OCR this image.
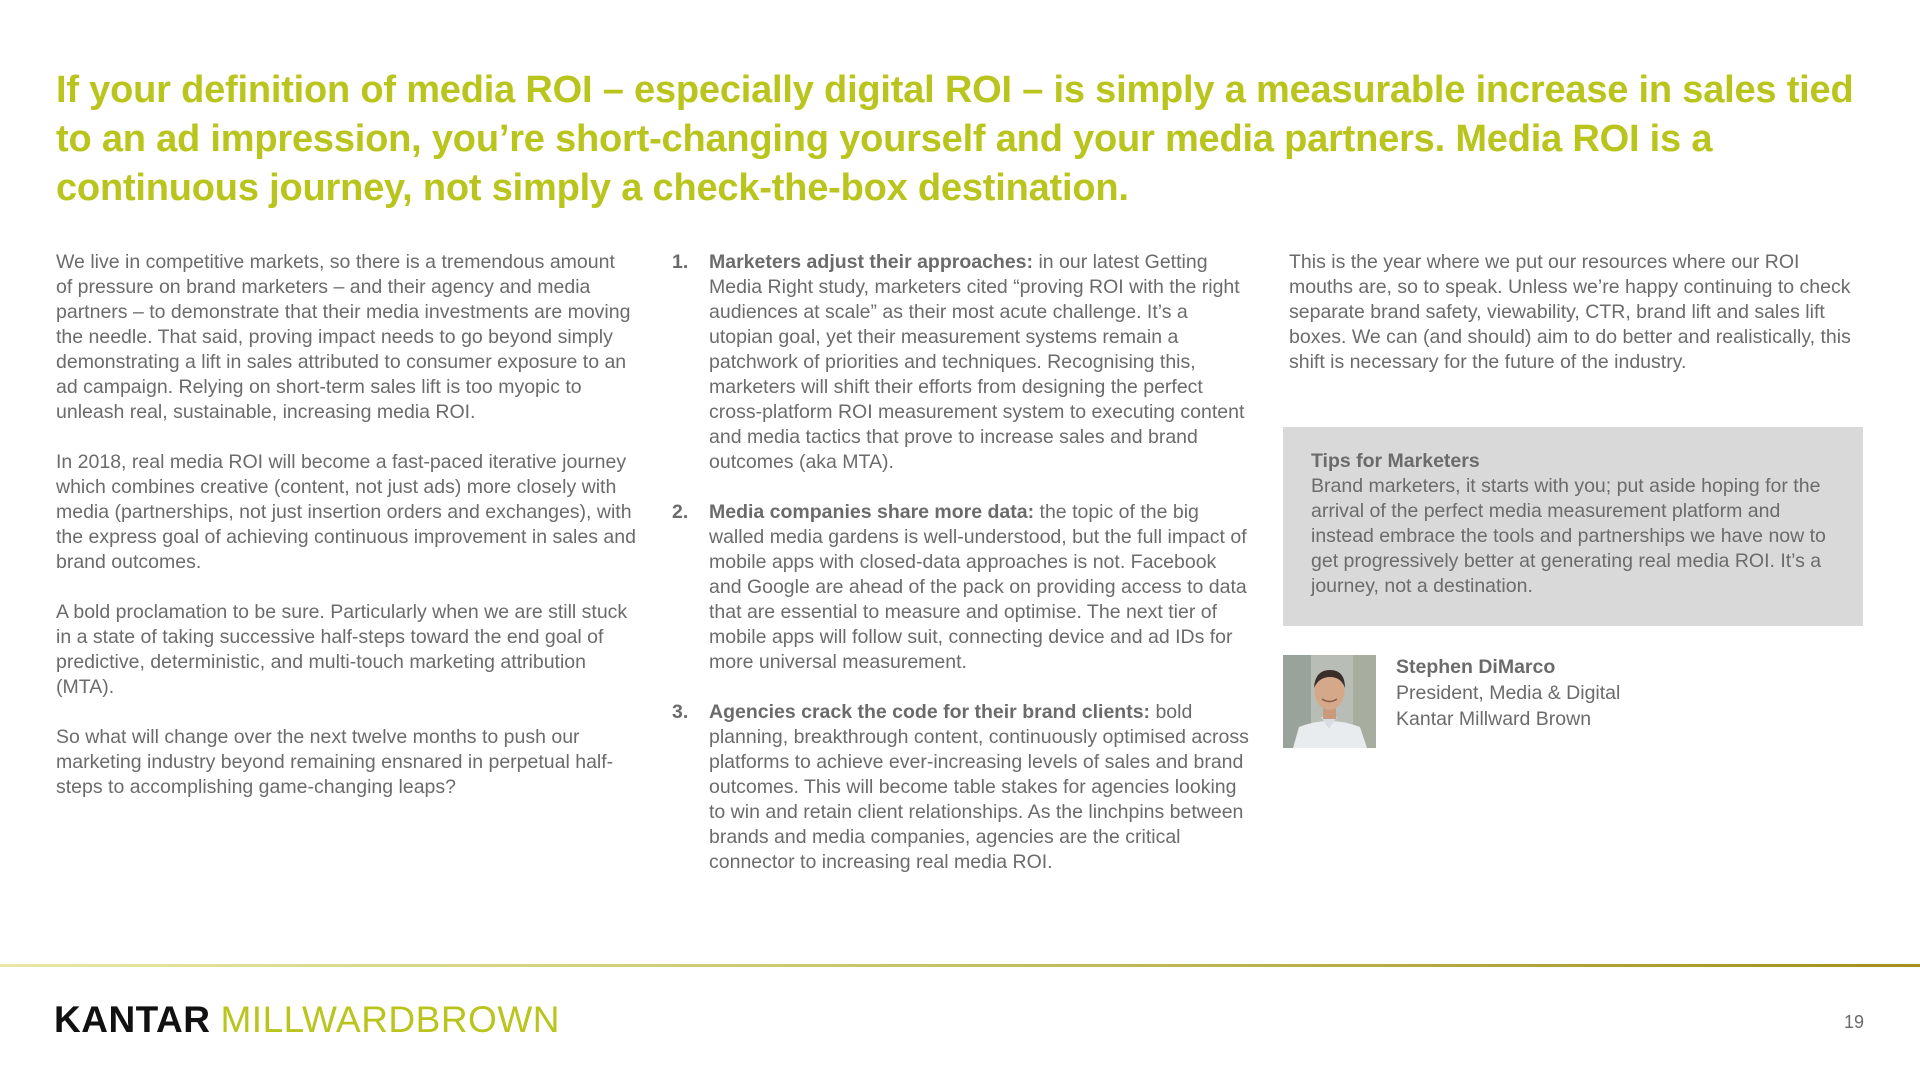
If your definition of media ROI – especially digital ROI – is simply a measurable increase in sales tied to an ad impression, you’re short-changing yourself and your media partners. Media ROI is a continuous journey, not simply a check-the-box destination.

We live in competitive markets, so there is a tremendous amount of pressure on brand marketers – and their agency and media partners – to demonstrate that their media investments are moving the needle. That said, proving impact needs to go beyond simply demonstrating a lift in sales attributed to consumer exposure to an ad campaign. Relying on short-term sales lift is too myopic to unleash real, sustainable, increasing media ROI.

In 2018, real media ROI will become a fast-paced iterative journey which combines creative (content, not just ads) more closely with media (partnerships, not just insertion orders and exchanges), with the express goal of achieving continuous improvement in sales and brand outcomes.

A bold proclamation to be sure. Particularly when we are still stuck in a state of taking successive half-steps toward the end goal of predictive, deterministic, and multi-touch marketing attribution (MTA).

So what will change over the next twelve months to push our marketing industry beyond remaining ensnared in perpetual half-steps to accomplishing game-changing leaps?

1. Marketers adjust their approaches: in our latest Getting Media Right study, marketers cited “proving ROI with the right audiences at scale” as their most acute challenge. It’s a utopian goal, yet their measurement systems remain a patchwork of priorities and techniques. Recognising this, marketers will shift their efforts from designing the perfect cross-platform ROI measurement system to executing content and media tactics that prove to increase sales and brand outcomes (aka MTA).
2. Media companies share more data: the topic of the big walled media gardens is well-understood, but the full impact of mobile apps with closed-data approaches is not. Facebook and Google are ahead of the pack on providing access to data that are essential to measure and optimise. The next tier of mobile apps will follow suit, connecting device and ad IDs for more universal measurement.
3. Agencies crack the code for their brand clients: bold planning, breakthrough content, continuously optimised across platforms to achieve ever-increasing levels of sales and brand outcomes. This will become table stakes for agencies looking to win and retain client relationships. As the linchpins between brands and media companies, agencies are the critical connector to increasing real media ROI.

This is the year where we put our resources where our ROI mouths are, so to speak. Unless we’re happy continuing to check separate brand safety, viewability, CTR, brand lift and sales lift boxes. We can (and should) aim to do better and realistically, this shift is necessary for the future of the industry.

Tips for Marketers
Brand marketers, it starts with you; put aside hoping for the arrival of the perfect media measurement platform and instead embrace the tools and partnerships we have now to get progressively better at generating real media ROI. It’s a journey, not a destination.
Stephen DiMarco
President, Media & Digital
Kantar Millward Brown
KANTAR MILLWARDBROWN	19
